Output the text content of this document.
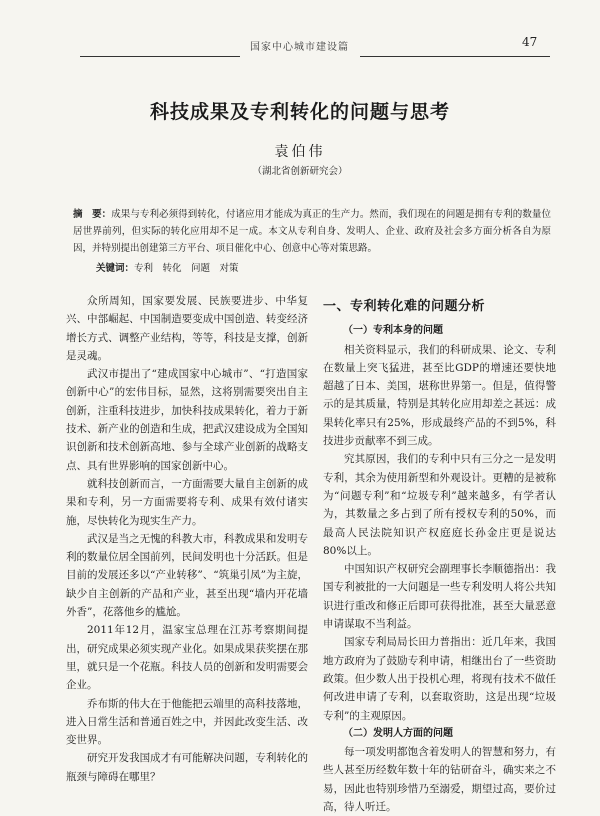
国家中心城市建设篇	47
科技成果及专利转化的问题与思考
袁伯伟
（湖北省创新研究会）
摘　要：成果与专利必须得到转化，付诸应用才能成为真正的生产力。然而，我们现在的问题是拥有专利的数量位居世界前列，但实际的转化应用却不足一成。本文从专利自身、发明人、企业、政府及社会多方面分析各自为原因，并特别提出创建第三方平台、项目催化中心、创意中心等对策思路。
关键词：专利　转化　问题　对策

众所周知，国家要发展、民族要进步、中华复兴、中部崛起、中国制造要变成中国创造、转变经济增长方式、调整产业结构，等等，科技是支撑，创新是灵魂。

武汉市提出了“建成国家中心城市”、“打造国家创新中心”的宏伟目标，显然，这将别需要突出自主创新，注重科技进步，加快科技成果转化，着力于新技术、新产业的创造和生成，把武汉建设成为全国知识创新和技术创新高地、参与全球产业创新的战略支点、具有世界影响的国家创新中心。

就科技创新而言，一方面需要大量自主创新的成果和专利，另一方面需要将专利、成果有效付诸实施，尽快转化为现实生产力。

武汉是当之无愧的科教大市，科教成果和发明专利的数量位居全国前列，民间发明也十分活跃。但是目前的发展还多以“产业转移”、“筑巢引凤”为主旋，缺少自主创新的产品和产业，甚至出现“墙内开花墙外香”，花落他乡的尴尬。

2011年12月，温家宝总理在江苏考察期间提出，研究成果必须实现产业化。如果成果获奖摆在那里，就只是一个花瓶。科技人员的创新和发明需要会企业。

乔布斯的伟大在于他能把云端里的高科技落地，进入日常生活和普通百姓之中，并因此改变生活、改变世界。

研究开发我国成才有可能解决问题，专利转化的瓶颈与障碍在哪里？

一、专利转化难的问题分析

（一）专利本身的问题

相关资料显示，我们的科研成果、论文、专利在数量上突飞猛进，甚至比GDP的增速还要快地超越了日本、美国，堪称世界第一。但是，值得警示的是其质量，特别是其转化应用却差之甚远：成果转化率只有25%，形成最终产品的不到5%，科技进步贡献率不到三成。

究其原因，我们的专利中只有三分之一是发明专利，其余为使用新型和外观设计。更糟的是被称为“问题专利”和“垃圾专利”越来越多，有学者认为，其数量之多占到了所有授权专利的50%，而最高人民法院知识产权庭庭长孙金庄更是说达80%以上。

中国知识产权研究会副理事长李顺德指出：我国专利被批的一大问题是一些专利发明人将公共知识进行重改和修正后即可获得批准，甚至大量恶意申请谋取不当利益。

国家专利局局长田力普指出：近几年来，我国地方政府为了鼓励专利申请，相继出台了一些资助政策。但少数人出于投机心理，将现有技术不做任何改进申请了专利，以套取资助，这是出现“垃圾专利”的主观原因。

（二）发明人方面的问题

每一项发明都饱含着发明人的智慧和努力，有些人甚至历经数年数十年的钻研奋斗，确实来之不易，因此也特别珍惜乃至溺爱，期望过高，要价过高，待人听迁。
